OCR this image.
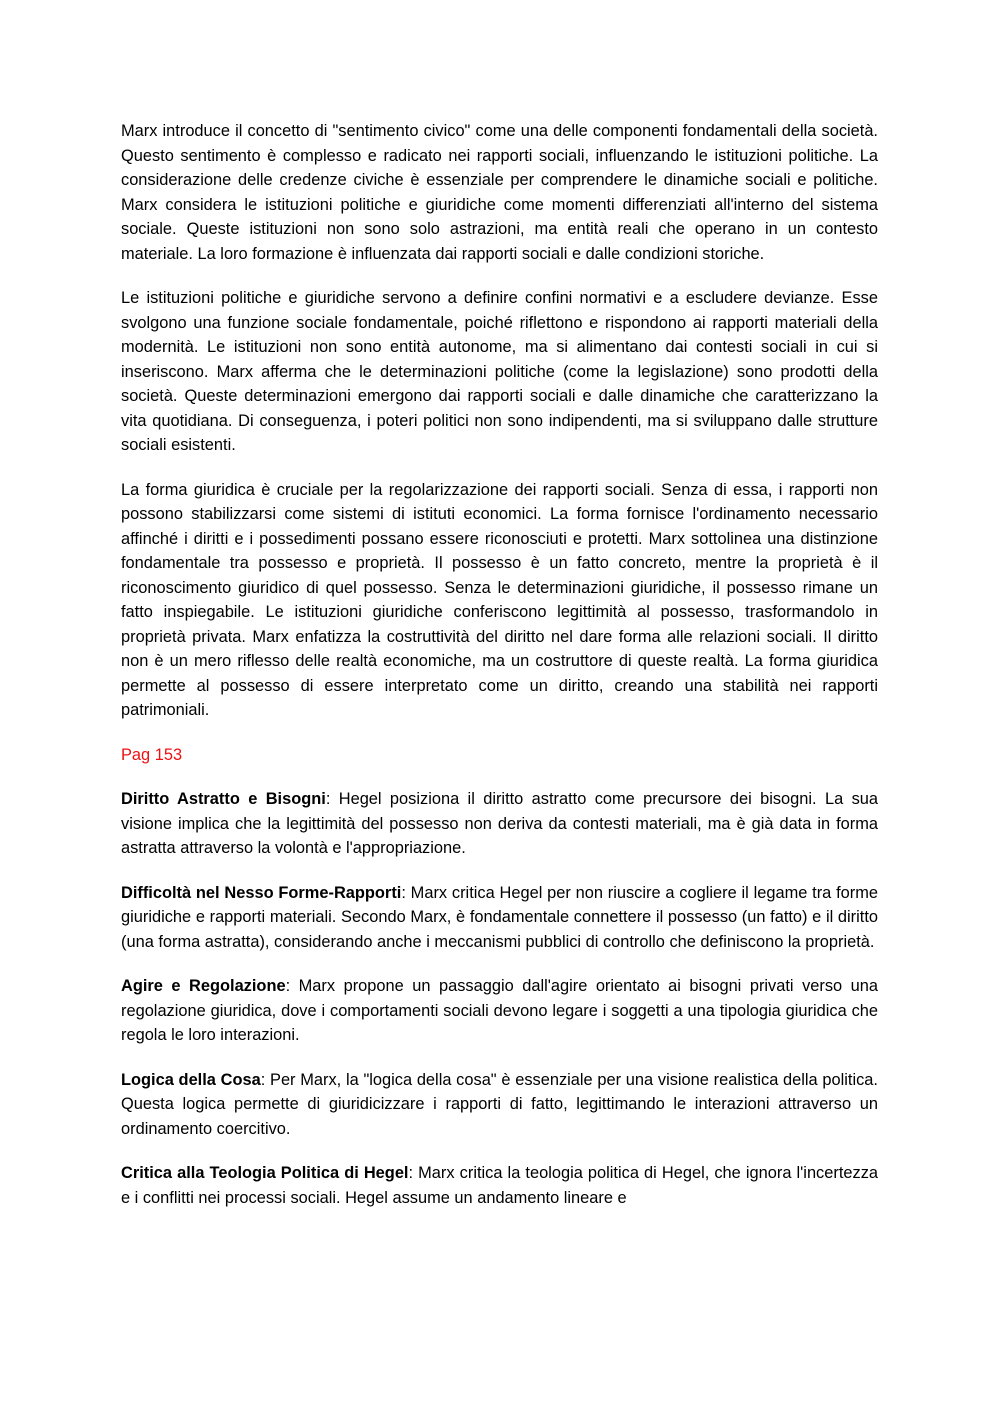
Marx introduce il concetto di "sentimento civico" come una delle componenti fondamentali della società. Questo sentimento è complesso e radicato nei rapporti sociali, influenzando le istituzioni politiche. La considerazione delle credenze civiche è essenziale per comprendere le dinamiche sociali e politiche. Marx considera le istituzioni politiche e giuridiche come momenti differenziati all'interno del sistema sociale. Queste istituzioni non sono solo astrazioni, ma entità reali che operano in un contesto materiale. La loro formazione è influenzata dai rapporti sociali e dalle condizioni storiche.

Le istituzioni politiche e giuridiche servono a definire confini normativi e a escludere devianze. Esse svolgono una funzione sociale fondamentale, poiché riflettono e rispondono ai rapporti materiali della modernità. Le istituzioni non sono entità autonome, ma si alimentano dai contesti sociali in cui si inseriscono. Marx afferma che le determinazioni politiche (come la legislazione) sono prodotti della società. Queste determinazioni emergono dai rapporti sociali e dalle dinamiche che caratterizzano la vita quotidiana. Di conseguenza, i poteri politici non sono indipendenti, ma si sviluppano dalle strutture sociali esistenti.

La forma giuridica è cruciale per la regolarizzazione dei rapporti sociali. Senza di essa, i rapporti non possono stabilizzarsi come sistemi di istituti economici. La forma fornisce l'ordinamento necessario affinché i diritti e i possedimenti possano essere riconosciuti e protetti. Marx sottolinea una distinzione fondamentale tra possesso e proprietà. Il possesso è un fatto concreto, mentre la proprietà è il riconoscimento giuridico di quel possesso. Senza le determinazioni giuridiche, il possesso rimane un fatto inspiegabile. Le istituzioni giuridiche conferiscono legittimità al possesso, trasformandolo in proprietà privata. Marx enfatizza la costruttività del diritto nel dare forma alle relazioni sociali. Il diritto non è un mero riflesso delle realtà economiche, ma un costruttore di queste realtà. La forma giuridica permette al possesso di essere interpretato come un diritto, creando una stabilità nei rapporti patrimoniali.

Pag 153

Diritto Astratto e Bisogni: Hegel posiziona il diritto astratto come precursore dei bisogni. La sua visione implica che la legittimità del possesso non deriva da contesti materiali, ma è già data in forma astratta attraverso la volontà e l'appropriazione.

Difficoltà nel Nesso Forme-Rapporti: Marx critica Hegel per non riuscire a cogliere il legame tra forme giuridiche e rapporti materiali. Secondo Marx, è fondamentale connettere il possesso (un fatto) e il diritto (una forma astratta), considerando anche i meccanismi pubblici di controllo che definiscono la proprietà.

Agire e Regolazione: Marx propone un passaggio dall'agire orientato ai bisogni privati verso una regolazione giuridica, dove i comportamenti sociali devono legare i soggetti a una tipologia giuridica che regola le loro interazioni.

Logica della Cosa: Per Marx, la "logica della cosa" è essenziale per una visione realistica della politica. Questa logica permette di giuridicizzare i rapporti di fatto, legittimando le interazioni attraverso un ordinamento coercitivo.

Critica alla Teologia Politica di Hegel: Marx critica la teologia politica di Hegel, che ignora l'incertezza e i conflitti nei processi sociali. Hegel assume un andamento lineare e
